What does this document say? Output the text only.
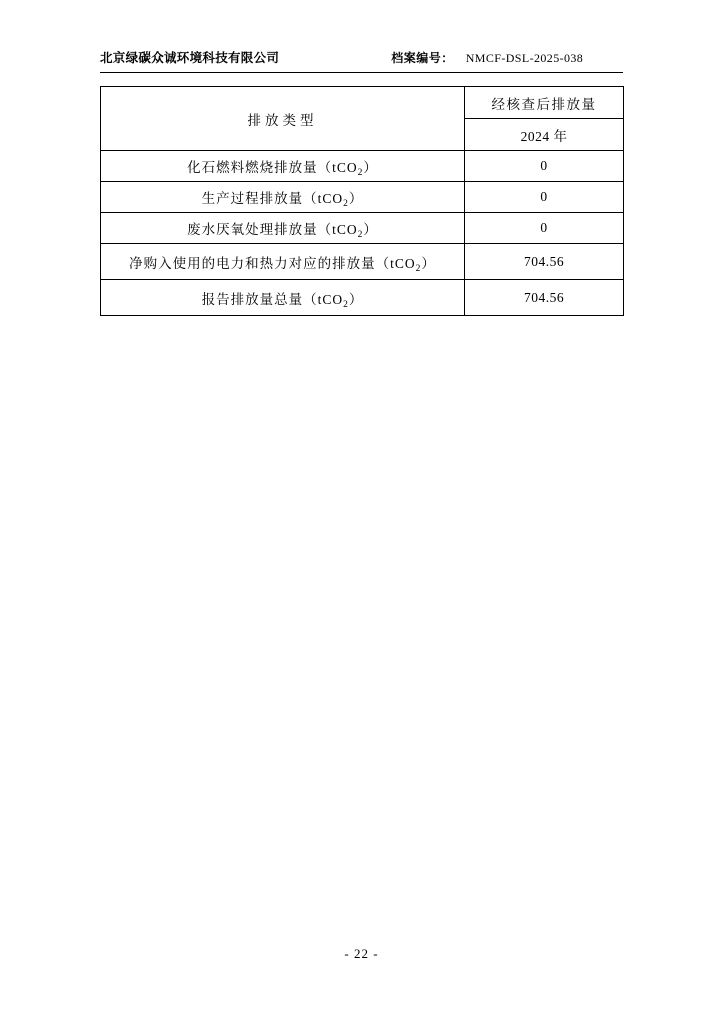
北京绿碳众诚环境科技有限公司	档案编号： NMCF-DSL-2025-038
排放类型	经核查后排放量
	2024 年
化石燃料燃烧排放量（tCO$_2$）	0
生产过程排放量（tCO$_2$）	0
废水厌氧处理排放量（tCO$_2$）	0
净购入使用的电力和热力对应的排放量（tCO$_2$）	704.56
报告排放量总量（tCO$_2$）	704.56
- 22 -
